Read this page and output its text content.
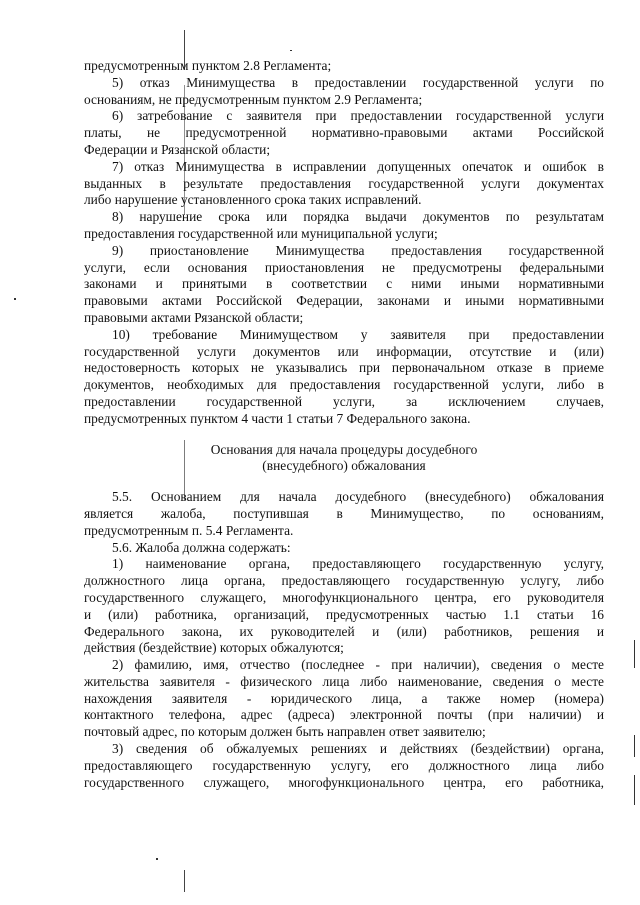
предусмотренным пунктом 2.8 Регламента;
5) отказ Минимущества в предоставлении государственной услуги по
основаниям, не предусмотренным пунктом 2.9 Регламента;
6) затребование с заявителя при предоставлении государственной услуги
платы, не предусмотренной нормативно-правовыми актами Российской
Федерации и Рязанской области;
7) отказ Минимущества в исправлении допущенных опечаток и ошибок в
выданных в результате предоставления государственной услуги документах
либо нарушение установленного срока таких исправлений.
8) нарушение срока или порядка выдачи документов по результатам
предоставления государственной или муниципальной услуги;
9) приостановление Минимущества предоставления государственной
услуги, если основания приостановления не предусмотрены федеральными
законами и принятыми в соответствии с ними иными нормативными
правовыми актами Российской Федерации, законами и иными нормативными
правовыми актами Рязанской области;
10) требование Минимуществом у заявителя при предоставлении
государственной услуги документов или информации, отсутствие и (или)
недостоверность которых не указывались при первоначальном отказе в приеме
документов, необходимых для предоставления государственной услуги, либо в
предоставлении государственной услуги, за исключением случаев,
предусмотренных пунктом 4 части 1 статьи 7 Федерального закона.
Основания для начала процедуры досудебного
(внесудебного) обжалования
5.5. Основанием для начала досудебного (внесудебного) обжалования
является жалоба, поступившая в Минимущество, по основаниям,
предусмотренным п. 5.4 Регламента.
5.6. Жалоба должна содержать:
1) наименование органа, предоставляющего государственную услугу,
должностного лица органа, предоставляющего государственную услугу, либо
государственного служащего, многофункционального центра, его руководителя
и (или) работника, организаций, предусмотренных частью 1.1 статьи 16
Федерального закона, их руководителей и (или) работников, решения и
действия (бездействие) которых обжалуются;
2) фамилию, имя, отчество (последнее - при наличии), сведения о месте
жительства заявителя - физического лица либо наименование, сведения о месте
нахождения заявителя - юридического лица, а также номер (номера)
контактного телефона, адрес (адреса) электронной почты (при наличии) и
почтовый адрес, по которым должен быть направлен ответ заявителю;
3) сведения об обжалуемых решениях и действиях (бездействии) органа,
предоставляющего государственную услугу, его должностного лица либо
государственного служащего, многофункционального центра, его работника,
